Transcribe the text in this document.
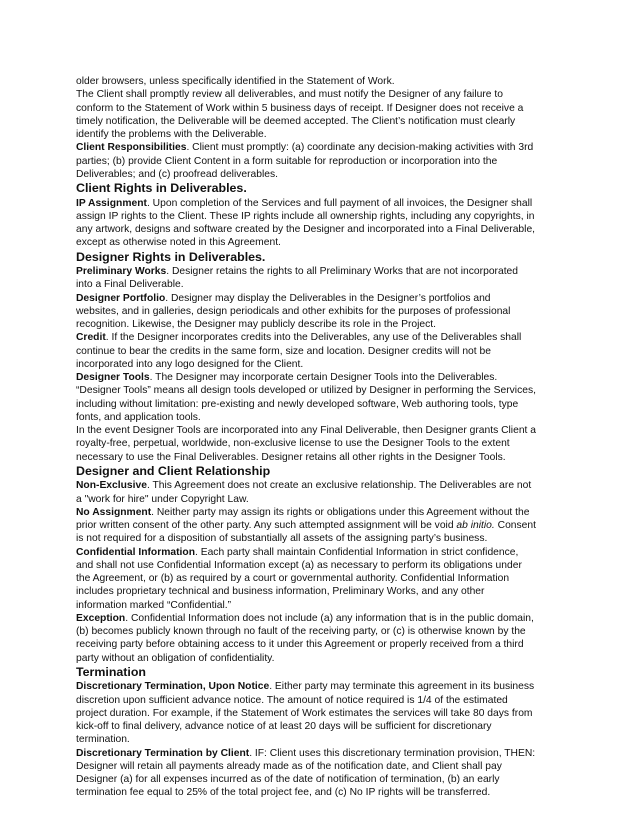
older browsers, unless specifically identified in the Statement of Work.

The Client shall promptly review all deliverables, and must notify the Designer of any failure to conform to the Statement of Work within 5 business days of receipt. If Designer does not receive a timely notification, the Deliverable will be deemed accepted. The Client’s notification must clearly identify the problems with the Deliverable.

Client Responsibilities. Client must promptly: (a) coordinate any decision-making activities with 3rd parties; (b) provide Client Content in a form suitable for reproduction or incorporation into the Deliverables; and (c) proofread deliverables.

Client Rights in Deliverables.

IP Assignment. Upon completion of the Services and full payment of all invoices, the Designer shall assign IP rights to the Client. These IP rights include all ownership rights, including any copyrights, in any artwork, designs and software created by the Designer and incorporated into a Final Deliverable, except as otherwise noted in this Agreement.

Designer Rights in Deliverables.

Preliminary Works. Designer retains the rights to all Preliminary Works that are not incorporated into a Final Deliverable.

Designer Portfolio. Designer may display the Deliverables in the Designer’s portfolios and websites, and in galleries, design periodicals and other exhibits for the purposes of professional recognition. Likewise, the Designer may publicly describe its role in the Project.

Credit. If the Designer incorporates credits into the Deliverables, any use of the Deliverables shall continue to bear the credits in the same form, size and location. Designer credits will not be incorporated into any logo designed for the Client.

Designer Tools. The Designer may incorporate certain Designer Tools into the Deliverables. “Designer Tools” means all design tools developed or utilized by Designer in performing the Services, including without limitation: pre-existing and newly developed software, Web authoring tools, type fonts, and application tools.

In the event Designer Tools are incorporated into any Final Deliverable, then Designer grants Client a royalty-free, perpetual, worldwide, non-exclusive license to use the Designer Tools to the extent necessary to use the Final Deliverables. Designer retains all other rights in the Designer Tools.

Designer and Client Relationship

Non-Exclusive. This Agreement does not create an exclusive relationship. The Deliverables are not a "work for hire" under Copyright Law.

No Assignment. Neither party may assign its rights or obligations under this Agreement without the prior written consent of the other party. Any such attempted assignment will be void ab initio. Consent is not required for a disposition of substantially all assets of the assigning party’s business.

Confidential Information. Each party shall maintain Confidential Information in strict confidence, and shall not use Confidential Information except (a) as necessary to perform its obligations under the Agreement, or (b) as required by a court or governmental authority. Confidential Information includes proprietary technical and business information, Preliminary Works, and any other information marked “Confidential.”

Exception. Confidential Information does not include (a) any information that is in the public domain, (b) becomes publicly known through no fault of the receiving party, or (c) is otherwise known by the receiving party before obtaining access to it under this Agreement or properly received from a third party without an obligation of confidentiality.

Termination

Discretionary Termination, Upon Notice. Either party may terminate this agreement in its business discretion upon sufficient advance notice. The amount of notice required is 1/4 of the estimated project duration. For example, if the Statement of Work estimates the services will take 80 days from kick-off to final delivery, advance notice of at least 20 days will be sufficient for discretionary termination.

Discretionary Termination by Client. IF: Client uses this discretionary termination provision, THEN: Designer will retain all payments already made as of the notification date, and Client shall pay Designer (a) for all expenses incurred as of the date of notification of termination, (b) an early termination fee equal to 25% of the total project fee, and (c) No IP rights will be transferred.
